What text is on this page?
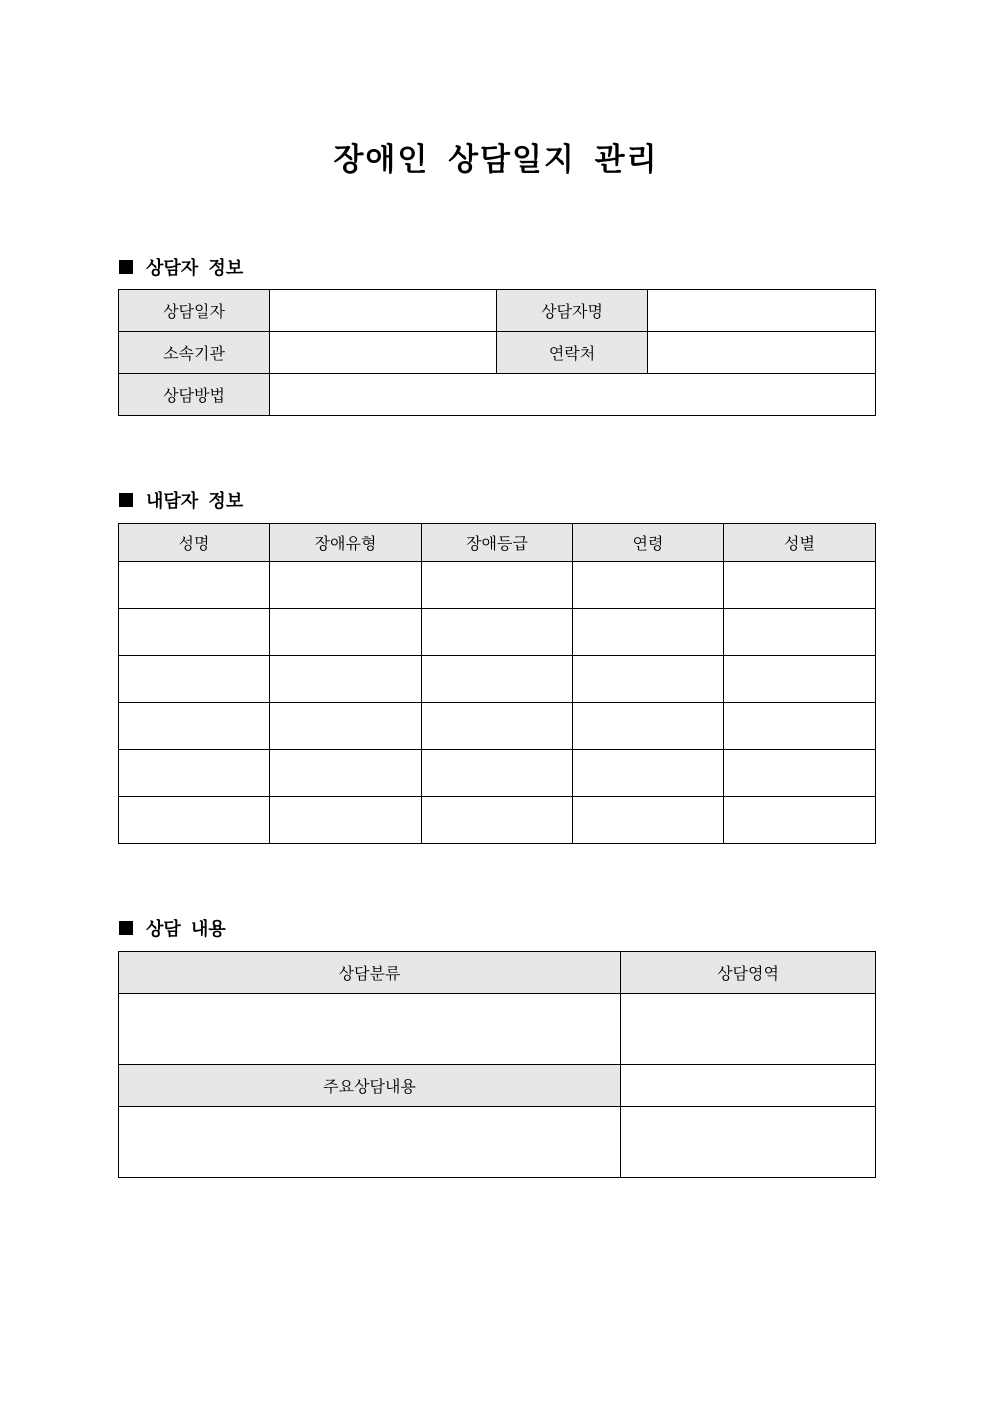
장애인 상담일지 관리
상담자 정보
상담일자		상담자명	
소속기관		연락처	
상담방법			
내담자 정보
성명	장애유형	장애등급	연령	성별

상담 내용
상담분류	상담영역

주요상담내용	
